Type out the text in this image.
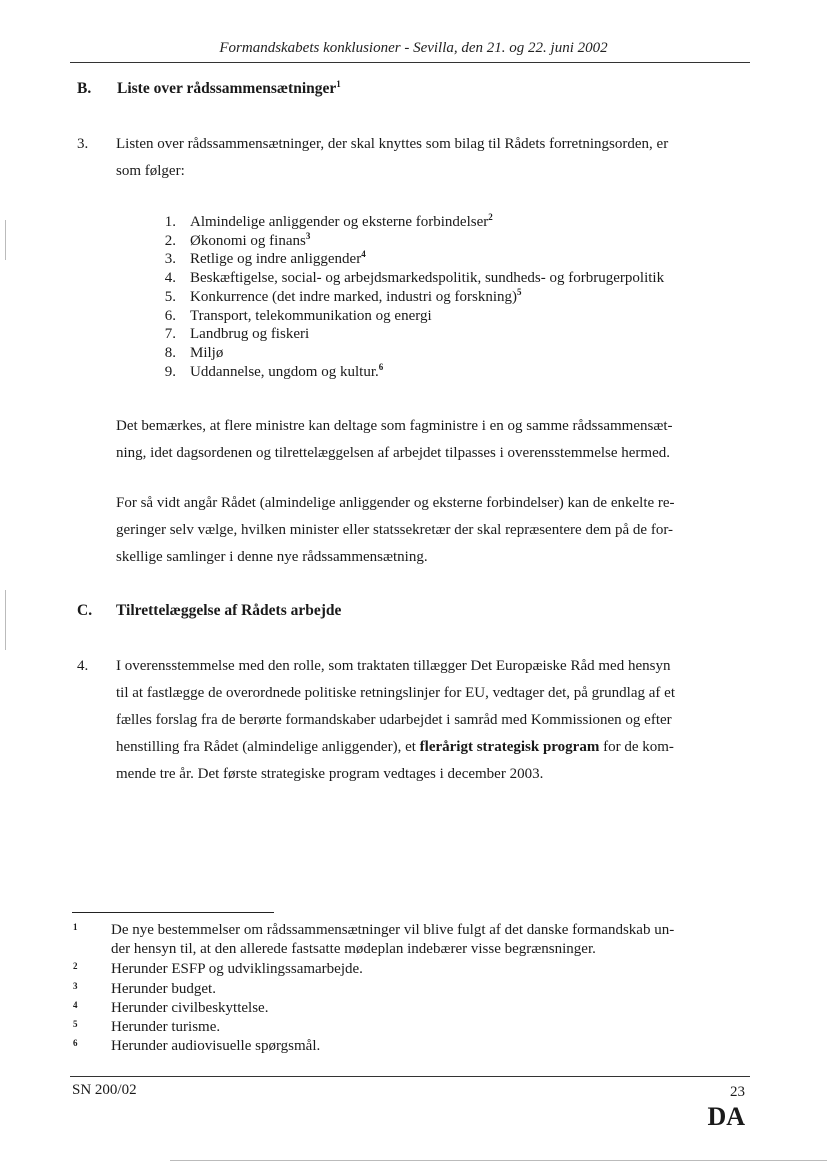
Formandskabets konklusioner - Sevilla, den 21. og 22. juni 2002
B. Liste over rådssammensætninger$^1$
3. Listen over rådssammensætninger, der skal knyttes som bilag til Rådets forretningsorden, er
som følger:
1. Almindelige anliggender og eksterne forbindelser$^2$
2. Økonomi og finans$^3$
3. Retlige og indre anliggender$^4$
4. Beskæftigelse, social- og arbejdsmarkedspolitik, sundheds- og forbrugerpolitik
5. Konkurrence (det indre marked, industri og forskning)$^5$
6. Transport, telekommunikation og energi
7. Landbrug og fiskeri
8. Miljø
9. Uddannelse, ungdom og kultur.$^6$
Det bemærkes, at flere ministre kan deltage som fagministre i en og samme rådssammensæt-
ning, idet dagsordenen og tilrettelæggelsen af arbejdet tilpasses i overensstemmelse hermed.
For så vidt angår Rådet (almindelige anliggender og eksterne forbindelser) kan de enkelte re-
geringer selv vælge, hvilken minister eller statssekretær der skal repræsentere dem på de for-
skellige samlinger i denne nye rådssammensætning.
C. Tilrettelæggelse af Rådets arbejde
4. I overensstemmelse med den rolle, som traktaten tillægger Det Europæiske Råd med hensyn
til at fastlægge de overordnede politiske retningslinjer for EU, vedtager det, på grundlag af et
fælles forslag fra de berørte formandskaber udarbejdet i samråd med Kommissionen og efter
henstilling fra Rådet (almindelige anliggender), et flerårigt strategisk program for de kom-
mende tre år. Det første strategiske program vedtages i december 2003.
1 De nye bestemmelser om rådssammensætninger vil blive fulgt af det danske formandskab un-
der hensyn til, at den allerede fastsatte mødeplan indebærer visse begrænsninger.
2 Herunder ESFP og udviklingssamarbejde.
3 Herunder budget.
4 Herunder civilbeskyttelse.
5 Herunder turisme.
6 Herunder audiovisuelle spørgsmål.
SN 200/02	23
DA
